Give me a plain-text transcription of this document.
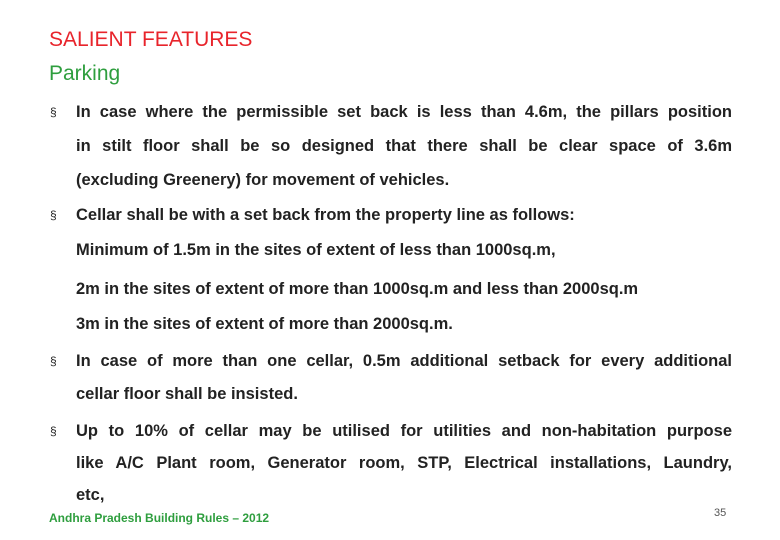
SALIENT FEATURES
Parking
§ In case where the permissible set back is less than 4.6m, the pillars position
in stilt floor shall be so designed that there shall be clear space of 3.6m
(excluding Greenery) for movement of vehicles.
§ Cellar shall be with a set back from the property line as follows:
Minimum of 1.5m in the sites of extent of less than 1000sq.m,
2m in the sites of extent of more than 1000sq.m and less than 2000sq.m
3m in the sites of extent of more than 2000sq.m.
§ In case of more than one cellar, 0.5m additional setback for every additional
cellar floor shall be insisted.
§ Up to 10% of cellar may be utilised for utilities and non-habitation purpose
like A/C Plant room, Generator room, STP, Electrical installations, Laundry,
etc,
Andhra Pradesh Building Rules – 2012	35
